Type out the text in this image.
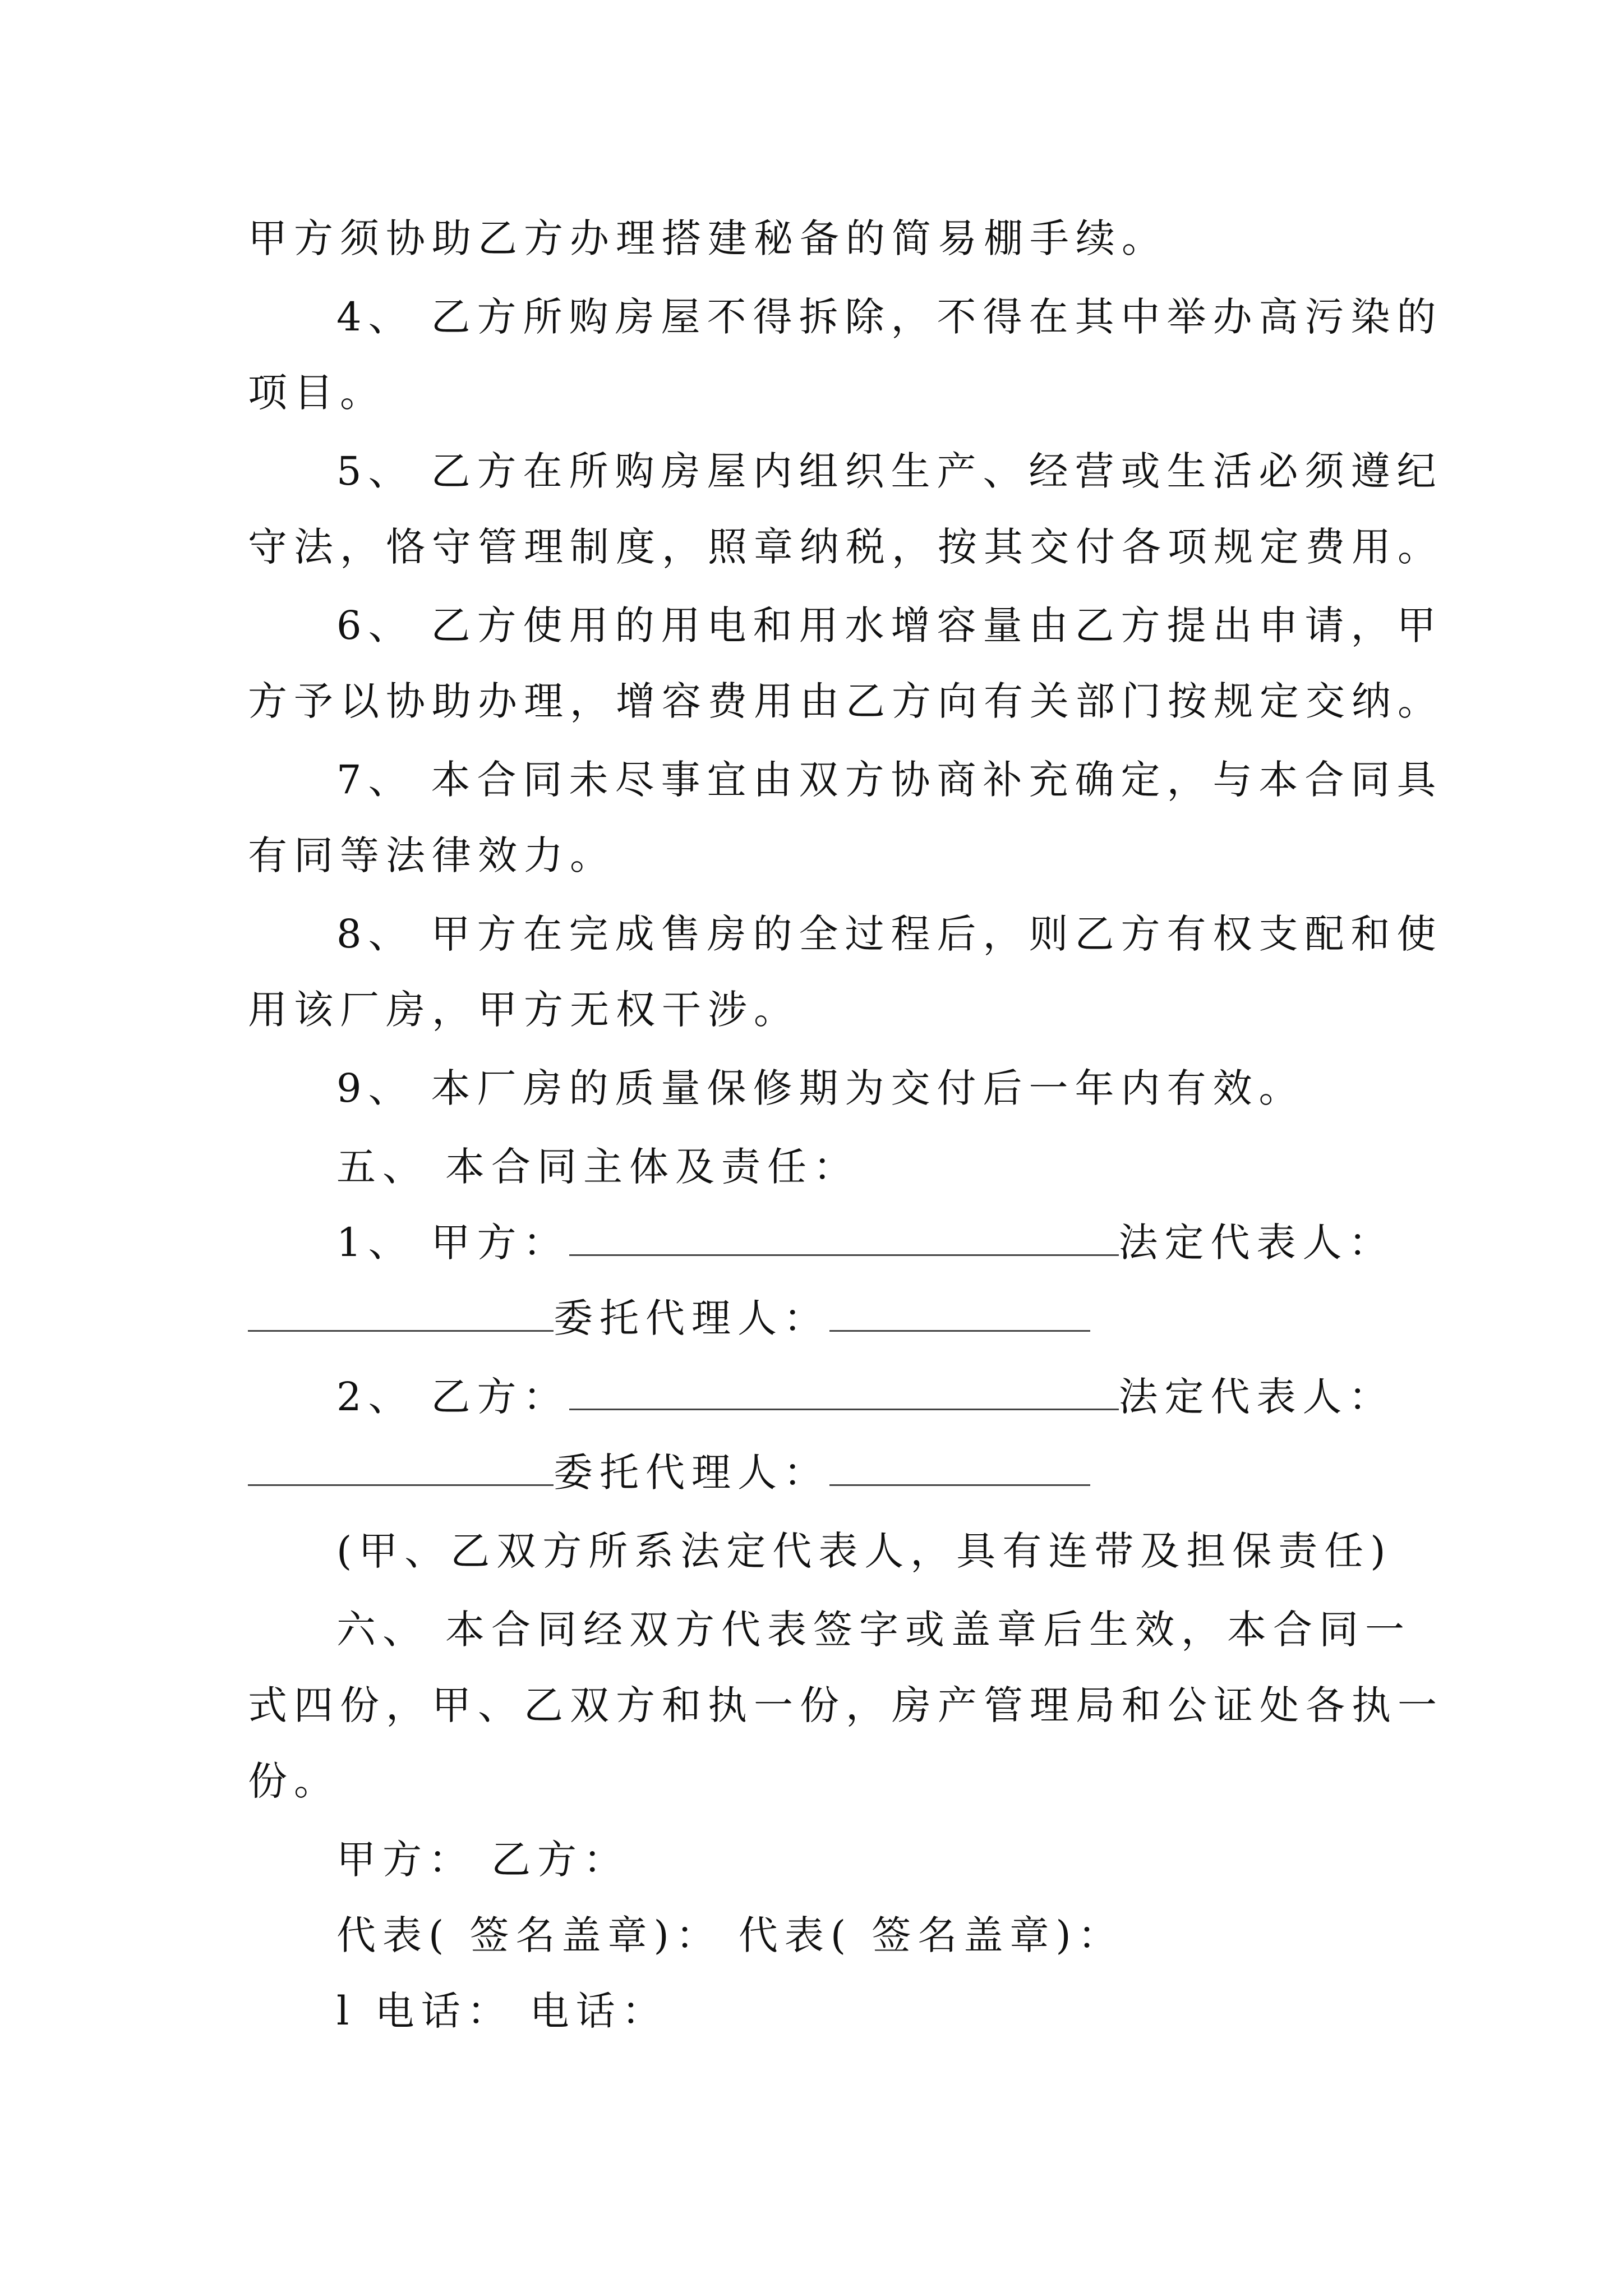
甲方须协助乙方办理搭建秘备的简易棚手续。
4、 乙方所购房屋不得拆除，不得在其中举办高污染的
项目。
5、 乙方在所购房屋内组织生产、经营或生活必须遵纪
守法，恪守管理制度，照章纳税，按其交付各项规定费用。
6、 乙方使用的用电和用水增容量由乙方提出申请，甲
方予以协助办理，增容费用由乙方向有关部门按规定交纳。
7、 本合同未尽事宜由双方协商补充确定，与本合同具
有同等法律效力。
8、 甲方在完成售房的全过程后，则乙方有权支配和使
用该厂房，甲方无权干涉。
9、 本厂房的质量保修期为交付后一年内有效。
五、 本合同主体及责任：
1、 甲方：	法定代表人：
委托代理人：
2、 乙方：	法定代表人：
委托代理人：
(甲、乙双方所系法定代表人，具有连带及担保责任)
六、 本合同经双方代表签字或盖章后生效，本合同一
式四份，甲、乙双方和执一份，房产管理局和公证处各执一
份。
甲方： 乙方：
代表( 签名盖章)： 代表( 签名盖章)：
l 电话： 电话：
